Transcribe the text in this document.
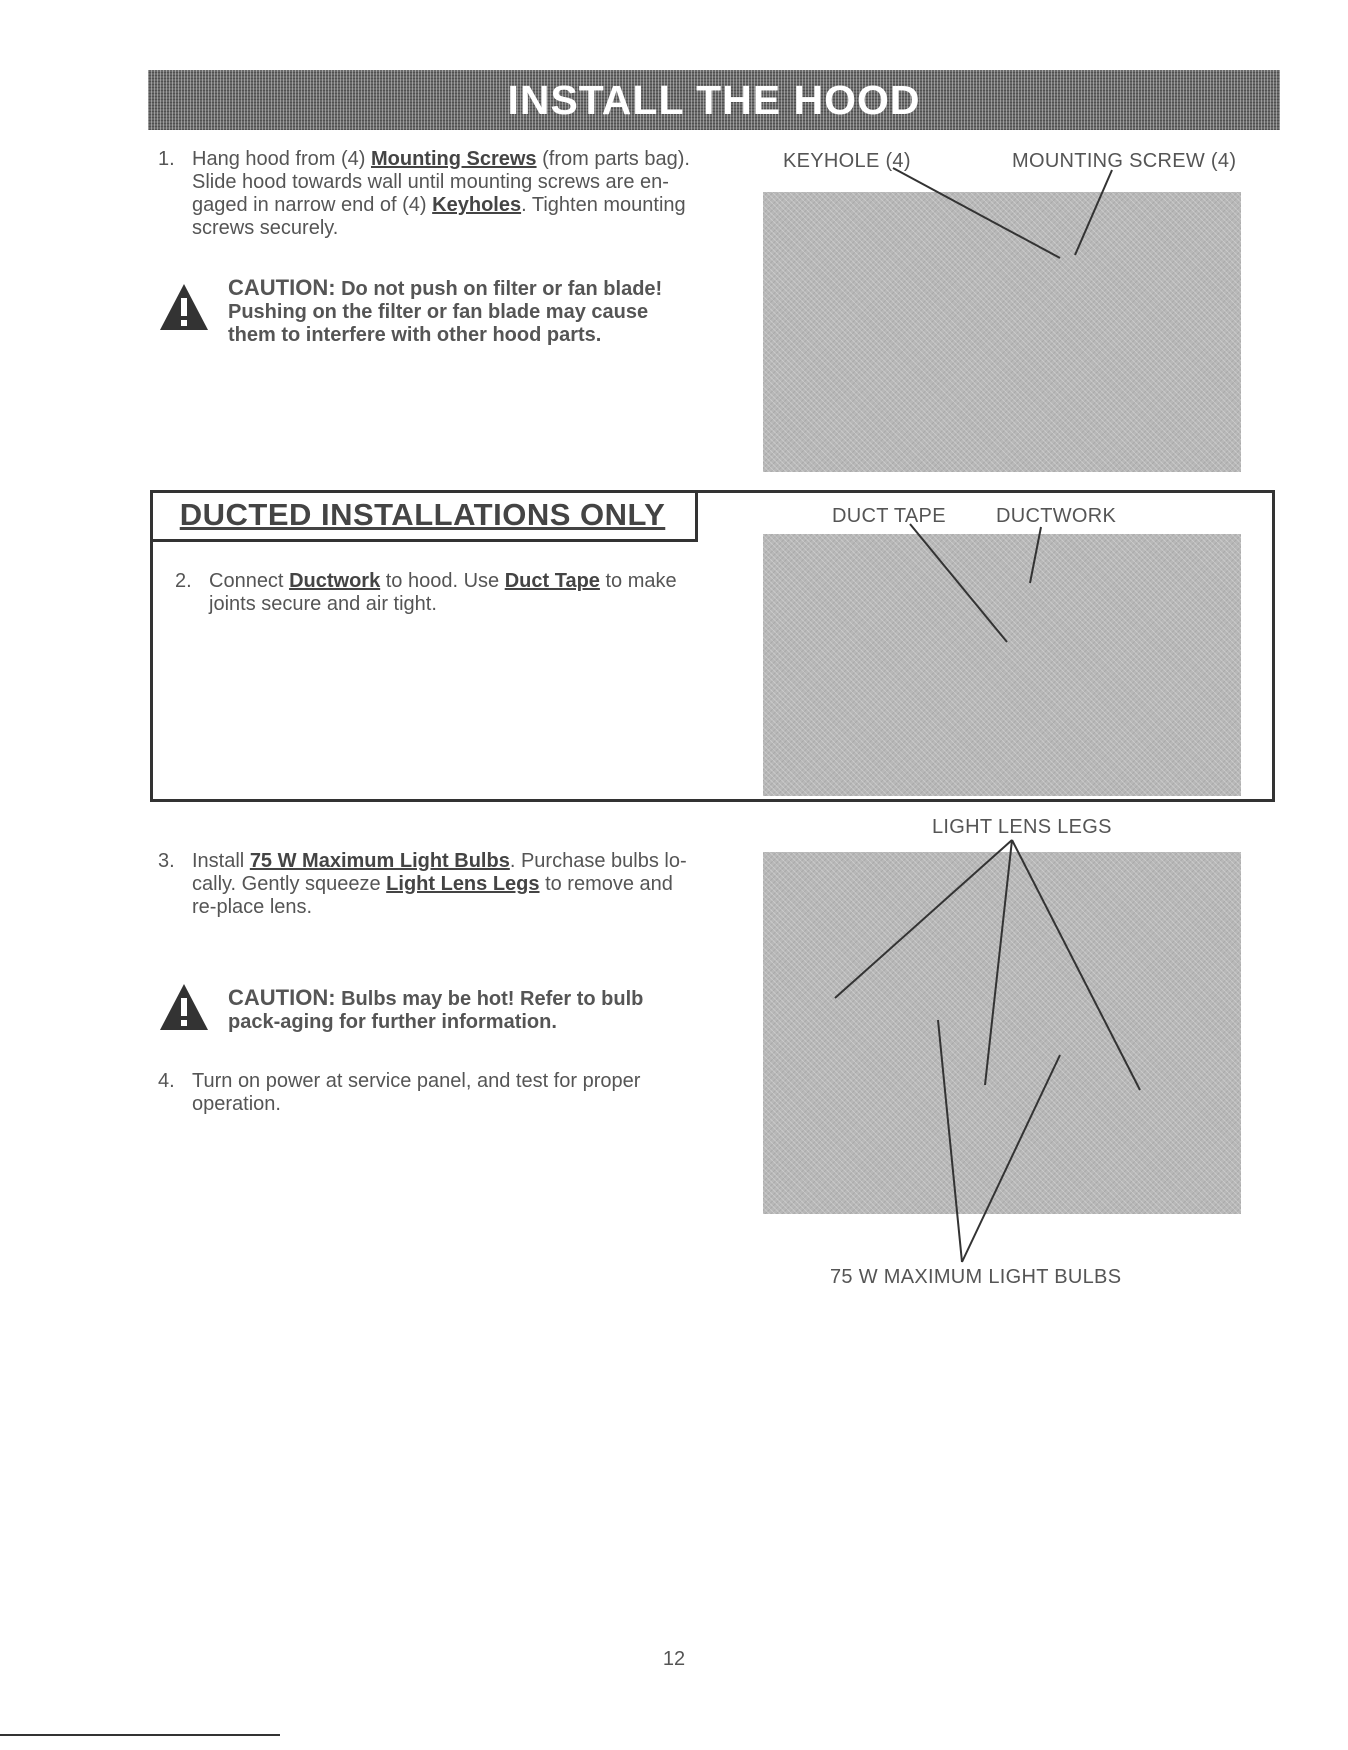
INSTALL THE HOOD
1. Hang hood from (4) Mounting Screws (from parts bag). Slide hood towards wall until mounting screws are en-gaged in narrow end of (4) Keyholes. Tighten mounting screws securely.
CAUTION: Do not push on filter or fan blade! Pushing on the filter or fan blade may cause them to interfere with other hood parts.
KEYHOLE (4)	MOUNTING SCREW (4)
DUCTED INSTALLATIONS ONLY
2. Connect Ductwork to hood. Use Duct Tape to make joints secure and air tight.
DUCT TAPE	DUCTWORK
3. Install 75 W Maximum Light Bulbs. Purchase bulbs lo-cally. Gently squeeze Light Lens Legs to remove and re-place lens.
CAUTION: Bulbs may be hot! Refer to bulb pack-aging for further information.
4. Turn on power at service panel, and test for proper operation.
LIGHT LENS LEGS
75 W MAXIMUM LIGHT BULBS
12
